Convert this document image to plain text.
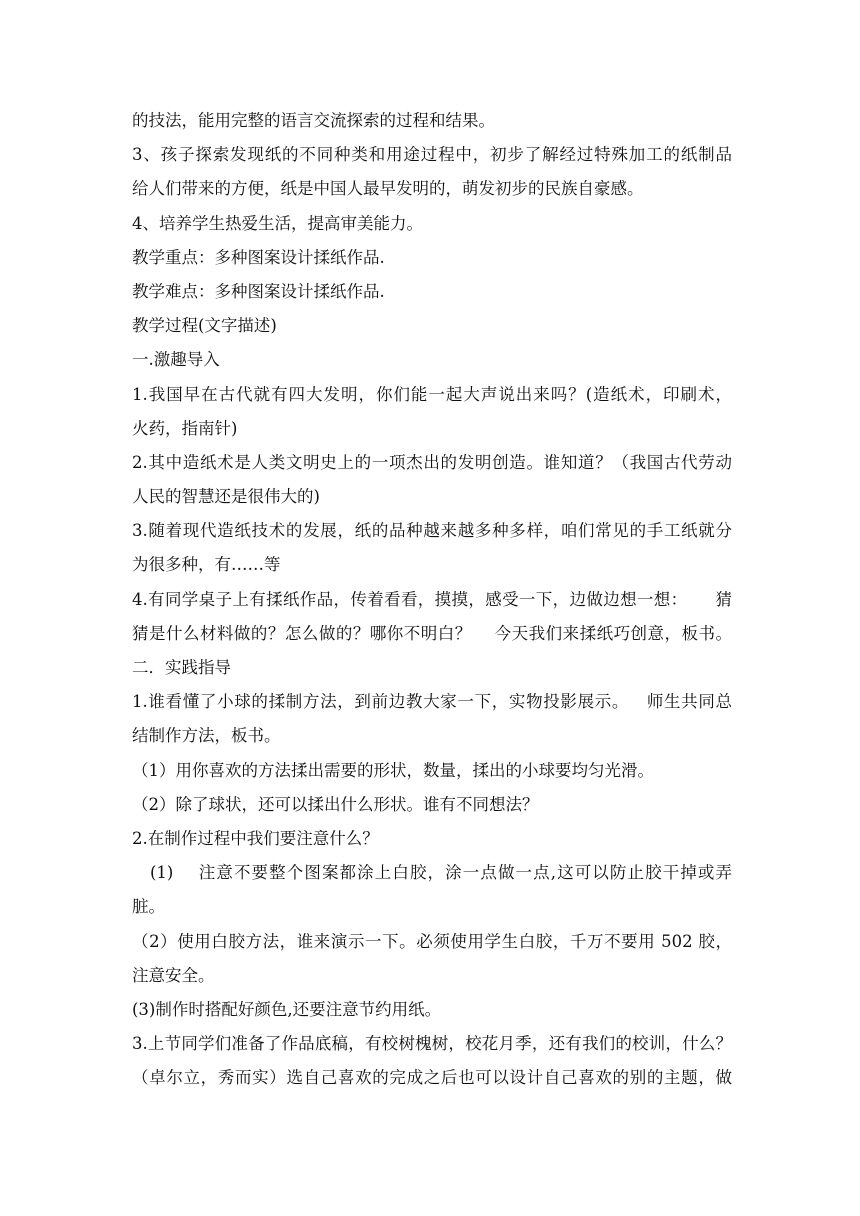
的技法，能用完整的语言交流探索的过程和结果。
3、孩子探索发现纸的不同种类和用途过程中，初步了解经过特殊加工的纸制品
给人们带来的方便，纸是中国人最早发明的，萌发初步的民族自豪感。
4、培养学生热爱生活，提高审美能力。
教学重点：多种图案设计揉纸作品.
教学难点：多种图案设计揉纸作品.
教学过程(文字描述)
一.激趣导入
1.我国早在古代就有四大发明，你们能一起大声说出来吗？(造纸术，印刷术，
火药，指南针)
2.其中造纸术是人类文明史上的一项杰出的发明创造。谁知道？（我国古代劳动
人民的智慧还是很伟大的)
3.随着现代造纸技术的发展，纸的品种越来越多种多样，咱们常见的手工纸就分
为很多种，有……等
4.有同学桌子上有揉纸作品，传着看看，摸摸，感受一下，边做边想一想：     猜
猜是什么材料做的？怎么做的？哪你不明白？    今天我们来揉纸巧创意，板书。
二．实践指导
1.谁看懂了小球的揉制方法，到前边教大家一下，实物投影展示。   师生共同总
结制作方法，板书。
（1）用你喜欢的方法揉出需要的形状，数量，揉出的小球要均匀光滑。
（2）除了球状，还可以揉出什么形状。谁有不同想法？
2.在制作过程中我们要注意什么？
(1)    注意不要整个图案都涂上白胶，涂一点做一点,这可以防止胶干掉或弄
脏。
（2）使用白胶方法，谁来演示一下。必须使用学生白胶，千万不要用 502 胶，
注意安全。
(3)制作时搭配好颜色,还要注意节约用纸。
3.上节同学们准备了作品底稿，有校树槐树，校花月季，还有我们的校训，什么？
（卓尔立，秀而实）选自己喜欢的完成之后也可以设计自己喜欢的别的主题，做
